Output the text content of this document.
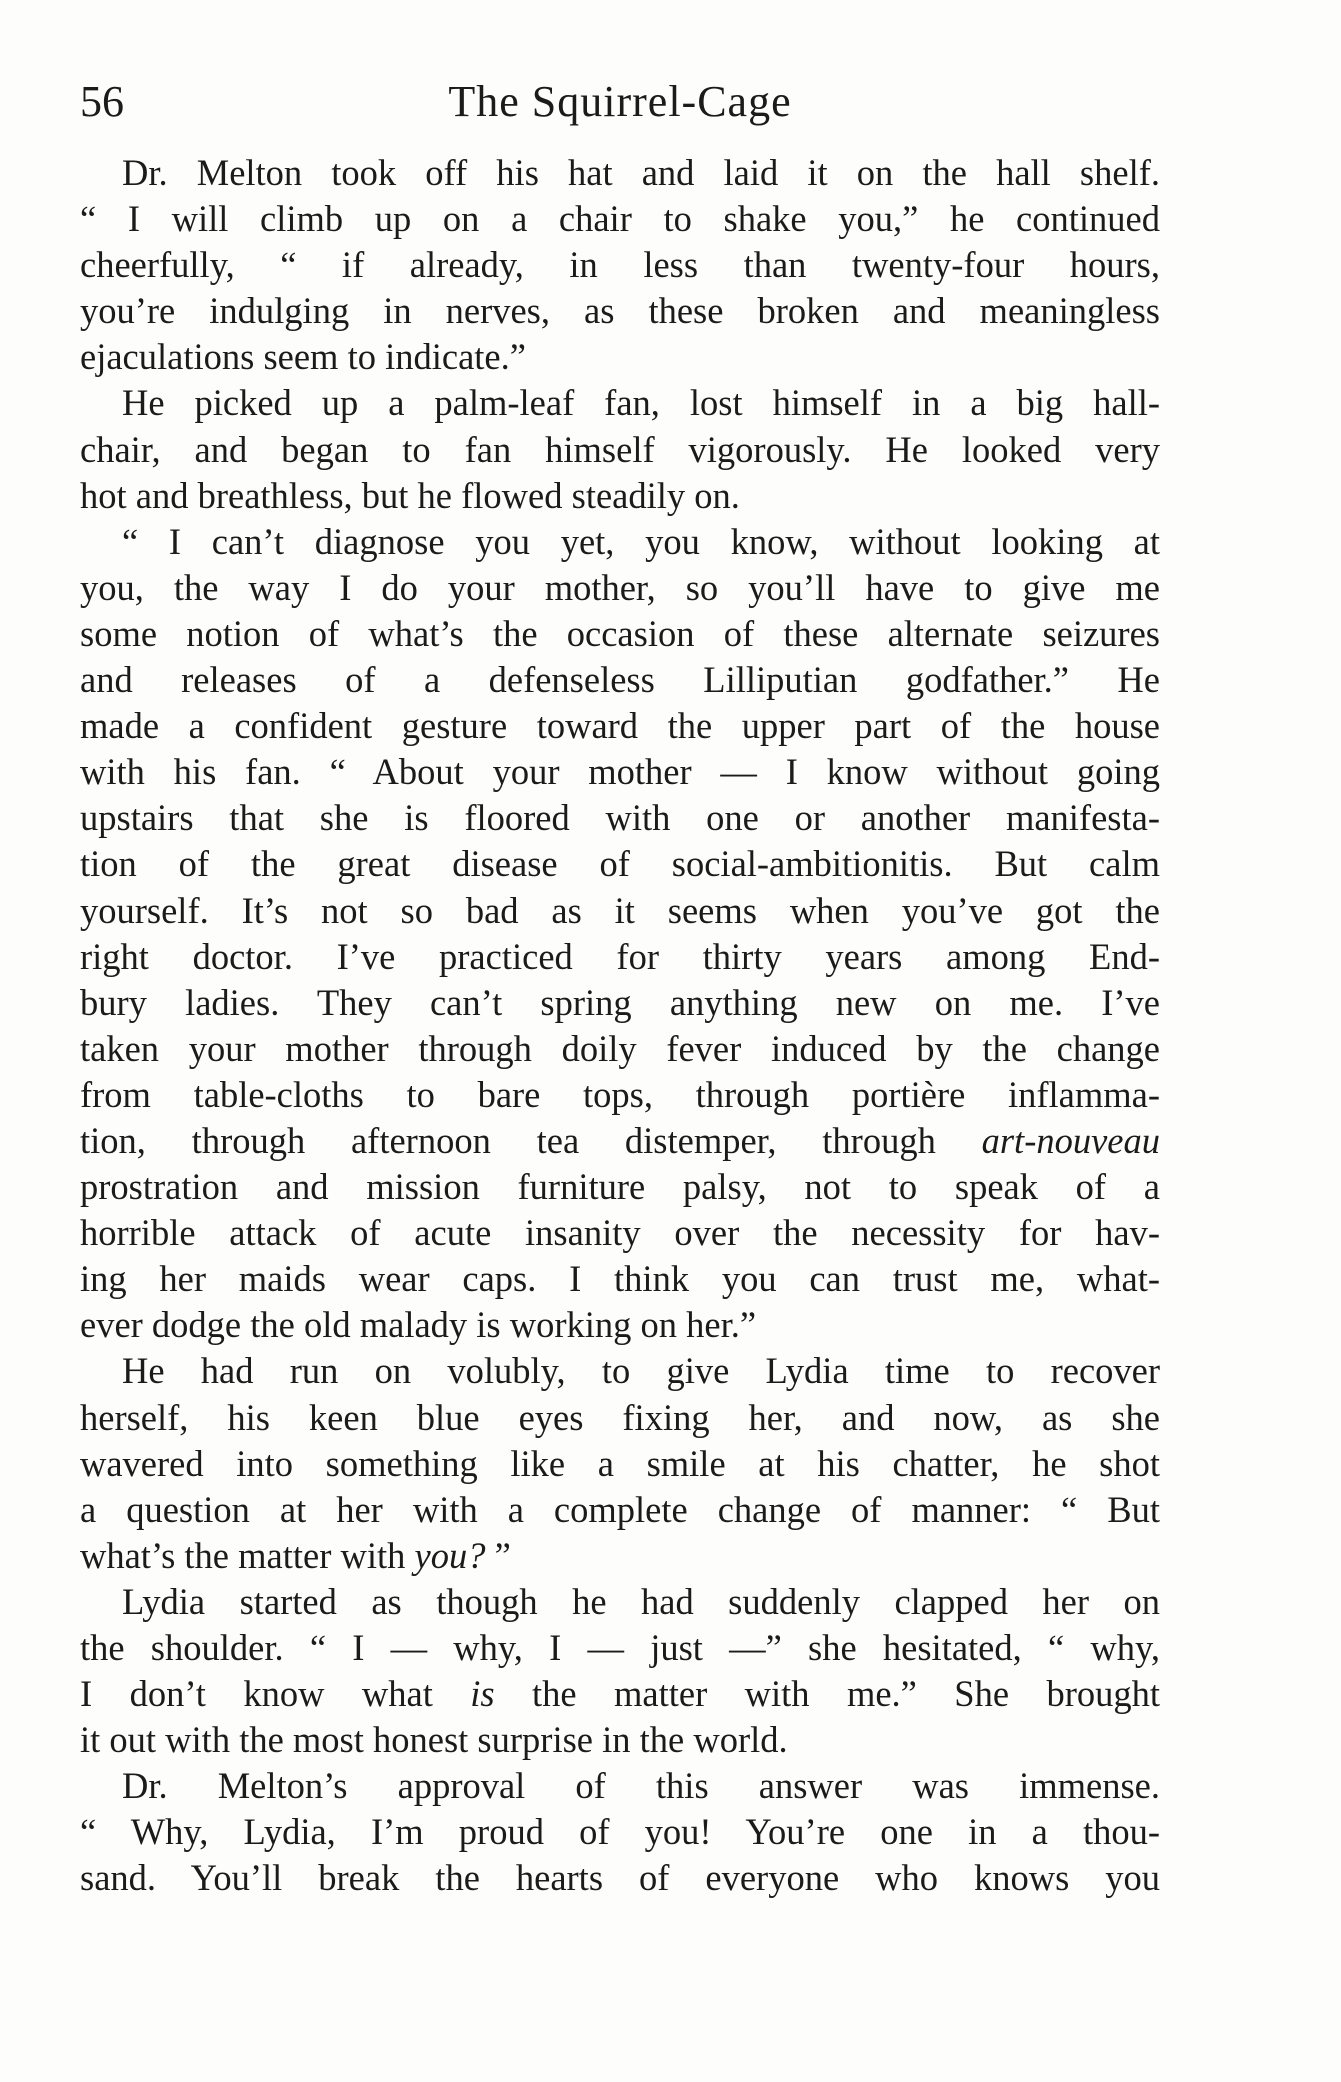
56	The Squirrel-Cage
Dr. Melton took off his hat and laid it on the hall shelf.
“ I will climb up on a chair to shake you,” he continued
cheerfully, “ if already, in less than twenty-four hours,
you’re indulging in nerves, as these broken and meaningless
ejaculations seem to indicate.”
He picked up a palm-leaf fan, lost himself in a big hall-
chair, and began to fan himself vigorously. He looked very
hot and breathless, but he flowed steadily on.
“ I can’t diagnose you yet, you know, without looking at
you, the way I do your mother, so you’ll have to give me
some notion of what’s the occasion of these alternate seizures
and releases of a defenseless Lilliputian godfather.” He
made a confident gesture toward the upper part of the house
with his fan. “ About your mother — I know without going
upstairs that she is floored with one or another manifesta-
tion of the great disease of social-ambitionitis. But calm
yourself. It’s not so bad as it seems when you’ve got the
right doctor. I’ve practiced for thirty years among End-
bury ladies. They can’t spring anything new on me. I’ve
taken your mother through doily fever induced by the change
from table-cloths to bare tops, through portière inflamma-
tion, through afternoon tea distemper, through art-nouveau
prostration and mission furniture palsy, not to speak of a
horrible attack of acute insanity over the necessity for hav-
ing her maids wear caps. I think you can trust me, what-
ever dodge the old malady is working on her.”
He had run on volubly, to give Lydia time to recover
herself, his keen blue eyes fixing her, and now, as she
wavered into something like a smile at his chatter, he shot
a question at her with a complete change of manner: “ But
what’s the matter with you? ”
Lydia started as though he had suddenly clapped her on
the shoulder. “ I — why, I — just —” she hesitated, “ why,
I don’t know what is the matter with me.” She brought
it out with the most honest surprise in the world.
Dr. Melton’s approval of this answer was immense.
“ Why, Lydia, I’m proud of you! You’re one in a thou-
sand. You’ll break the hearts of everyone who knows you
